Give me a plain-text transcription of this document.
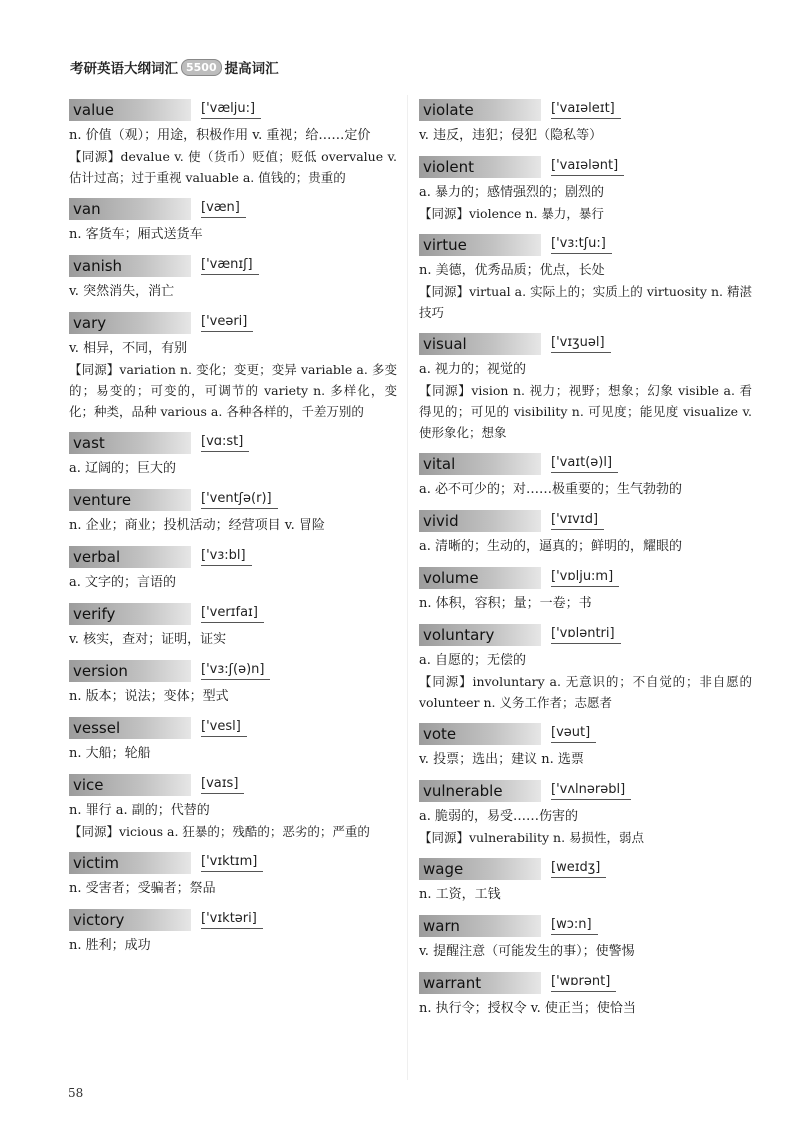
考研英语大纲词汇 5500 提高词汇
value	['vælju:]

n. 价值（观）；用途，积极作用 v. 重视；给……定价

【同源】devalue v. 使（货币）贬值；贬低 overvalue v. 估计过高；过于重视 valuable a. 值钱的；贵重的

van	[væn]

n. 客货车；厢式送货车

vanish	['vænɪʃ]

v. 突然消失，消亡

vary	['veəri]

v. 相异，不同，有别

【同源】variation n. 变化；变更；变异 variable a. 多变的；易变的；可变的，可调节的 variety n. 多样化，变化；种类，品种 various a. 各种各样的，千差万别的

vast	[vɑ:st]

a. 辽阔的；巨大的

venture	['ventʃə(r)]

n. 企业；商业；投机活动；经营项目 v. 冒险

verbal	['vɜ:bl]

a. 文字的；言语的

verify	['verɪfaɪ]

v. 核实，查对；证明，证实

version	['vɜ:ʃ(ə)n]

n. 版本；说法；变体；型式

vessel	['vesl]

n. 大船；轮船

vice	[vaɪs]

n. 罪行 a. 副的；代替的

【同源】vicious a. 狂暴的；残酷的；恶劣的；严重的

victim	['vɪktɪm]

n. 受害者；受骗者；祭品

victory	['vɪktəri]

n. 胜利；成功

violate	['vaɪəleɪt]

v. 违反，违犯；侵犯（隐私等）

violent	['vaɪələnt]

a. 暴力的；感情强烈的；剧烈的

【同源】violence n. 暴力，暴行

virtue	['vɜ:tʃu:]

n. 美德，优秀品质；优点，长处

【同源】virtual a. 实际上的；实质上的 virtuosity n. 精湛技巧

visual	['vɪʒuəl]

a. 视力的；视觉的

【同源】vision n. 视力；视野；想象；幻象 visible a. 看得见的；可见的 visibility n. 可见度；能见度 visualize v. 使形象化；想象

vital	['vaɪt(ə)l]

a. 必不可少的；对……极重要的；生气勃勃的

vivid	['vɪvɪd]

a. 清晰的；生动的，逼真的；鲜明的，耀眼的

volume	['vɒlju:m]

n. 体积，容积；量；一卷；书

voluntary	['vɒləntri]

a. 自愿的；无偿的

【同源】involuntary a. 无意识的；不自觉的；非自愿的 volunteer n. 义务工作者；志愿者

vote	[vəut]

v. 投票；选出；建议 n. 选票

vulnerable	['vʌlnərəbl]

a. 脆弱的，易受……伤害的

【同源】vulnerability n. 易损性，弱点

wage	[weɪdʒ]

n. 工资，工钱

warn	[wɔ:n]

v. 提醒注意（可能发生的事）；使警惕

warrant	['wɒrənt]

n. 执行令；授权令 v. 使正当；使恰当

58
